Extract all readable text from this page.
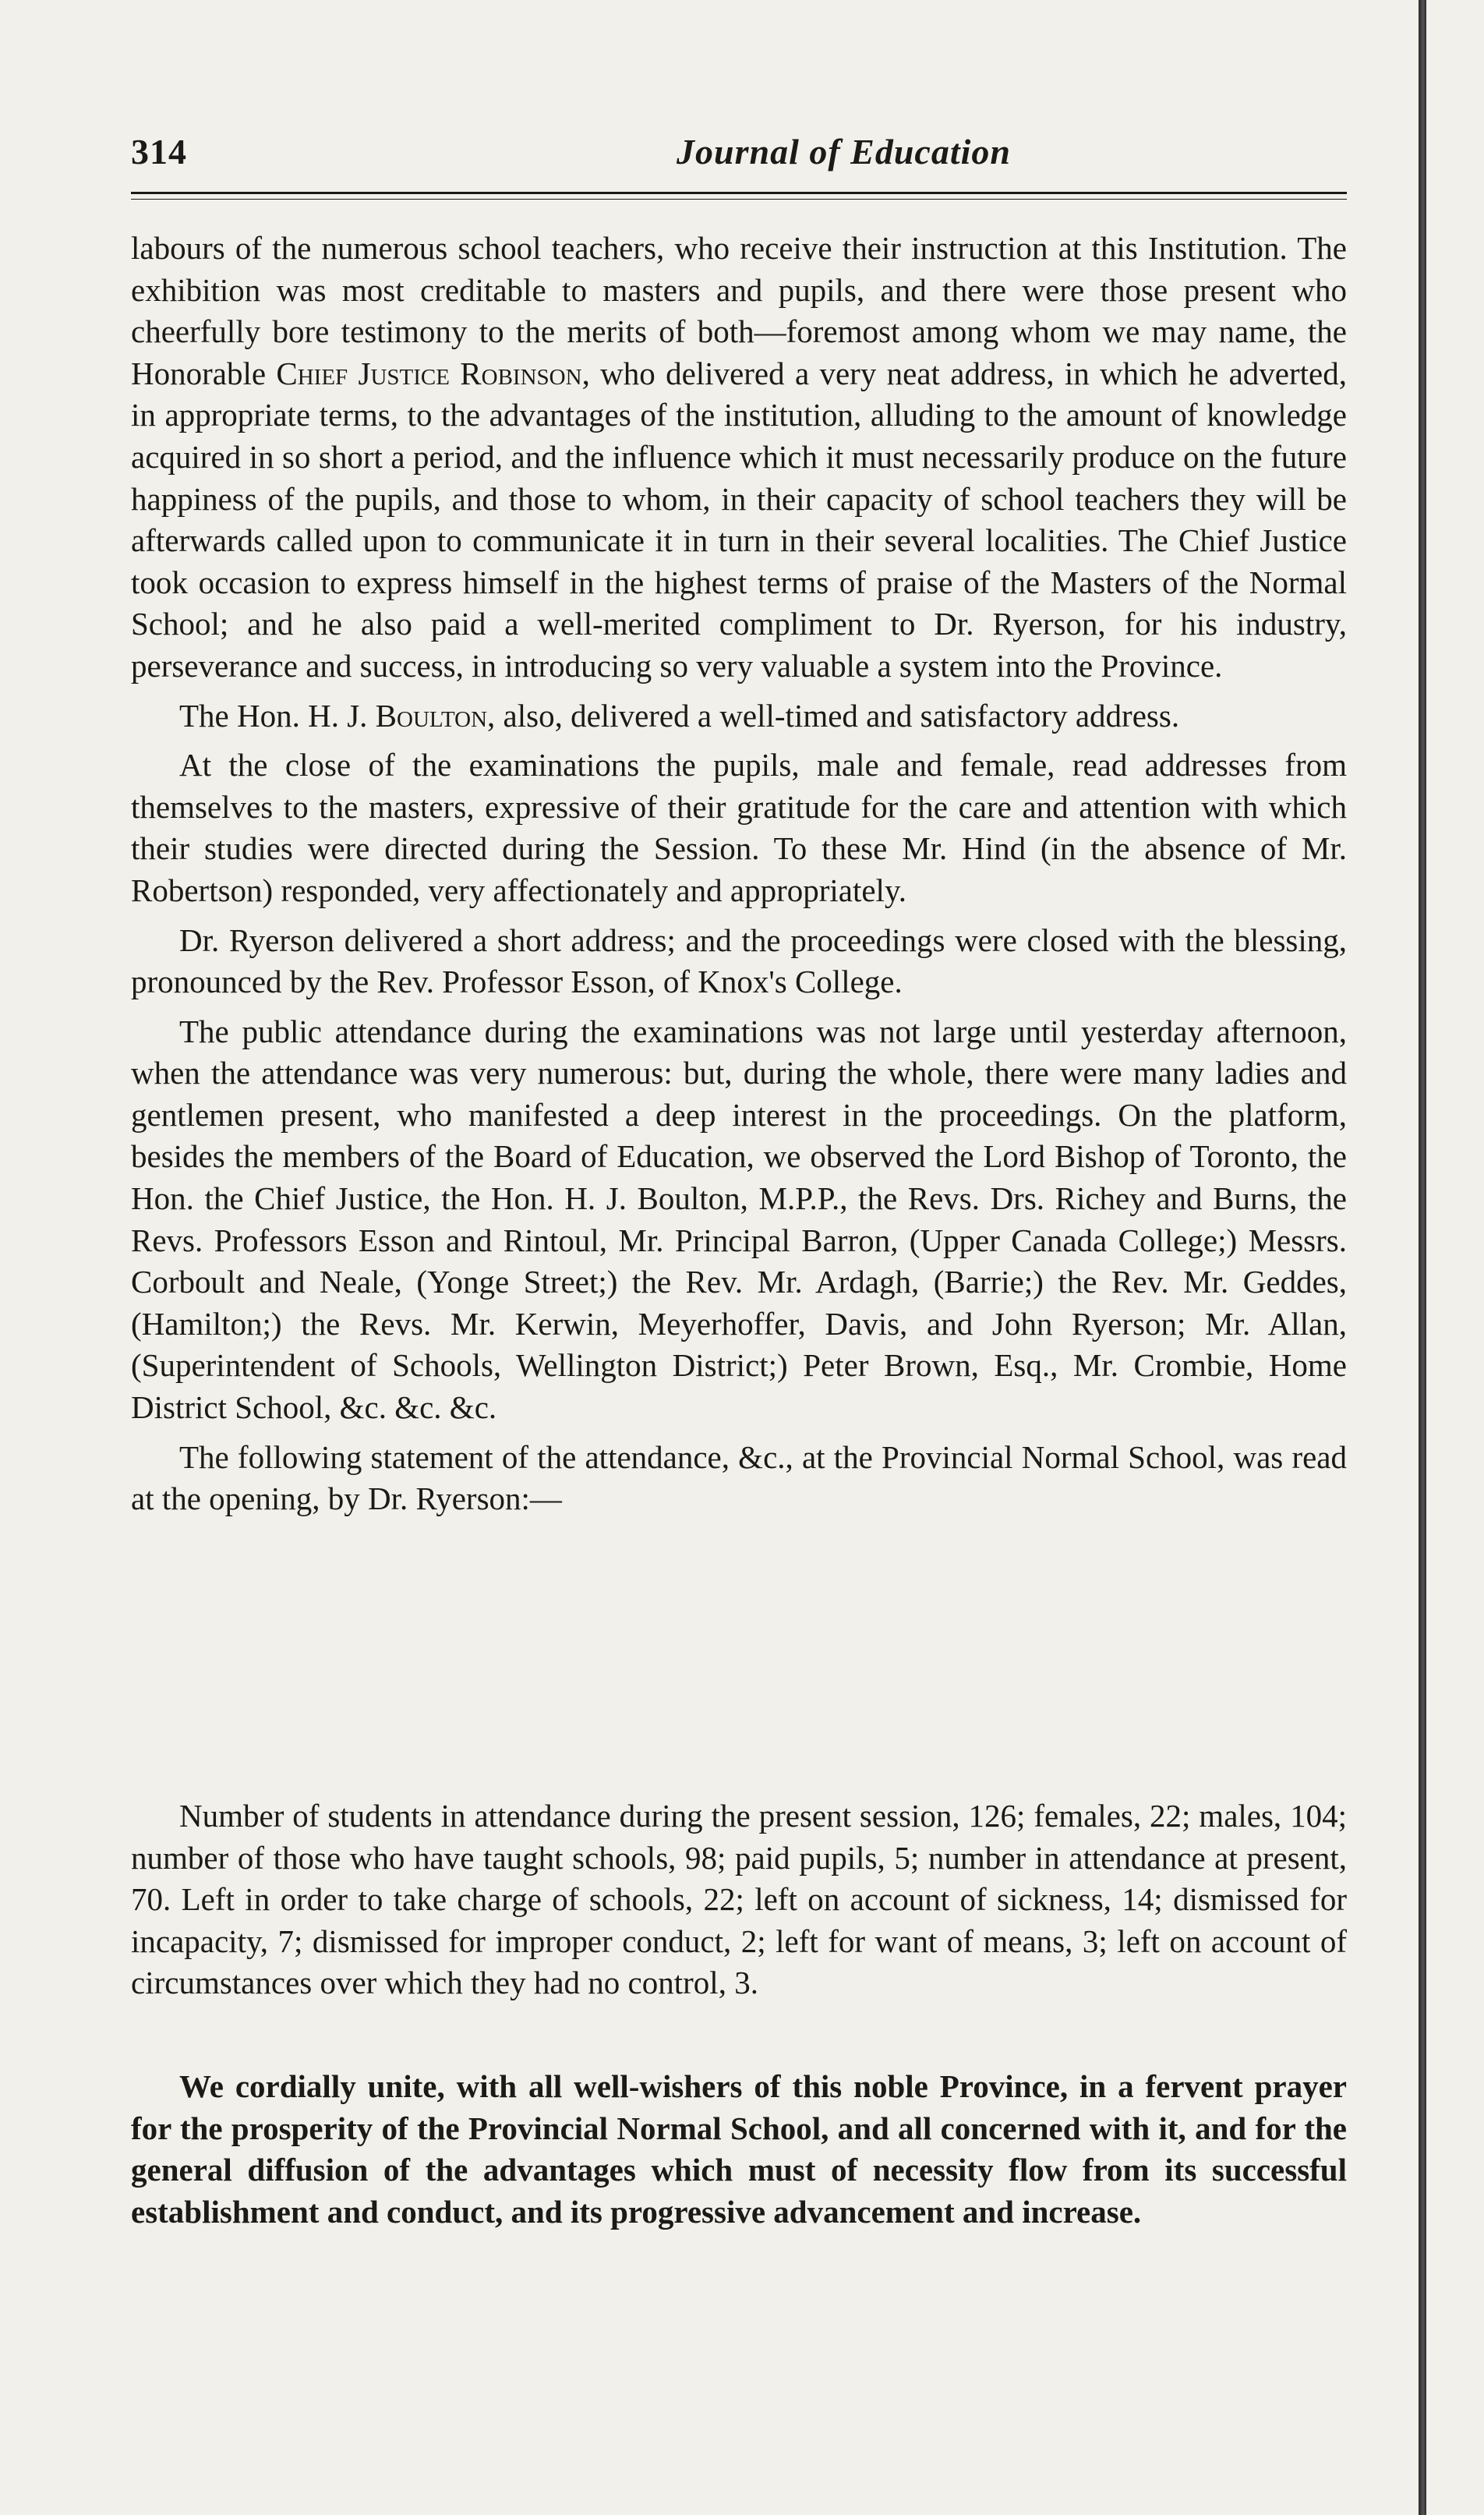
314	Journal of Education

labours of the numerous school teachers, who receive their instruction at this Institution. The exhibition was most creditable to masters and pupils, and there were those present who cheerfully bore testimony to the merits of both—foremost among whom we may name, the Honorable Chief Justice Robinson, who delivered a very neat address, in which he adverted, in appropriate terms, to the advantages of the institution, alluding to the amount of knowledge acquired in so short a period, and the influence which it must necessarily produce on the future happiness of the pupils, and those to whom, in their capacity of school teachers they will be afterwards called upon to communicate it in turn in their several localities. The Chief Justice took occasion to express himself in the highest terms of praise of the Masters of the Normal School; and he also paid a well-merited compliment to Dr. Ryerson, for his industry, perseverance and success, in introducing so very valuable a system into the Province.

The Hon. H. J. Boulton, also, delivered a well-timed and satisfactory address.

At the close of the examinations the pupils, male and female, read addresses from themselves to the masters, expressive of their gratitude for the care and attention with which their studies were directed during the Session. To these Mr. Hind (in the absence of Mr. Robertson) responded, very affectionately and appropriately.

Dr. Ryerson delivered a short address; and the proceedings were closed with the blessing, pronounced by the Rev. Professor Esson, of Knox's College.

The public attendance during the examinations was not large until yesterday afternoon, when the attendance was very numerous: but, during the whole, there were many ladies and gentlemen present, who manifested a deep interest in the proceedings. On the platform, besides the members of the Board of Education, we observed the Lord Bishop of Toronto, the Hon. the Chief Justice, the Hon. H. J. Boulton, M.P.P., the Revs. Drs. Richey and Burns, the Revs. Professors Esson and Rintoul, Mr. Principal Barron, (Upper Canada College;) Messrs. Corboult and Neale, (Yonge Street;) the Rev. Mr. Ardagh, (Barrie;) the Rev. Mr. Geddes, (Hamilton;) the Revs. Mr. Kerwin, Meyerhoffer, Davis, and John Ryerson; Mr. Allan, (Superintendent of Schools, Wellington District;) Peter Brown, Esq., Mr. Crombie, Home District School, &c. &c. &c.

The following statement of the attendance, &c., at the Provincial Normal School, was read at the opening, by Dr. Ryerson:—

Number of students in attendance during the present session, 126; females, 22; males, 104; number of those who have taught schools, 98; paid pupils, 5; number in attendance at present, 70. Left in order to take charge of schools, 22; left on account of sickness, 14; dismissed for incapacity, 7; dismissed for improper conduct, 2; left for want of means, 3; left on account of circumstances over which they had no control, 3.

We cordially unite, with all well-wishers of this noble Province, in a fervent prayer for the prosperity of the Provincial Normal School, and all concerned with it, and for the general diffusion of the advantages which must of necessity flow from its successful establishment and conduct, and its progressive advancement and increase.
